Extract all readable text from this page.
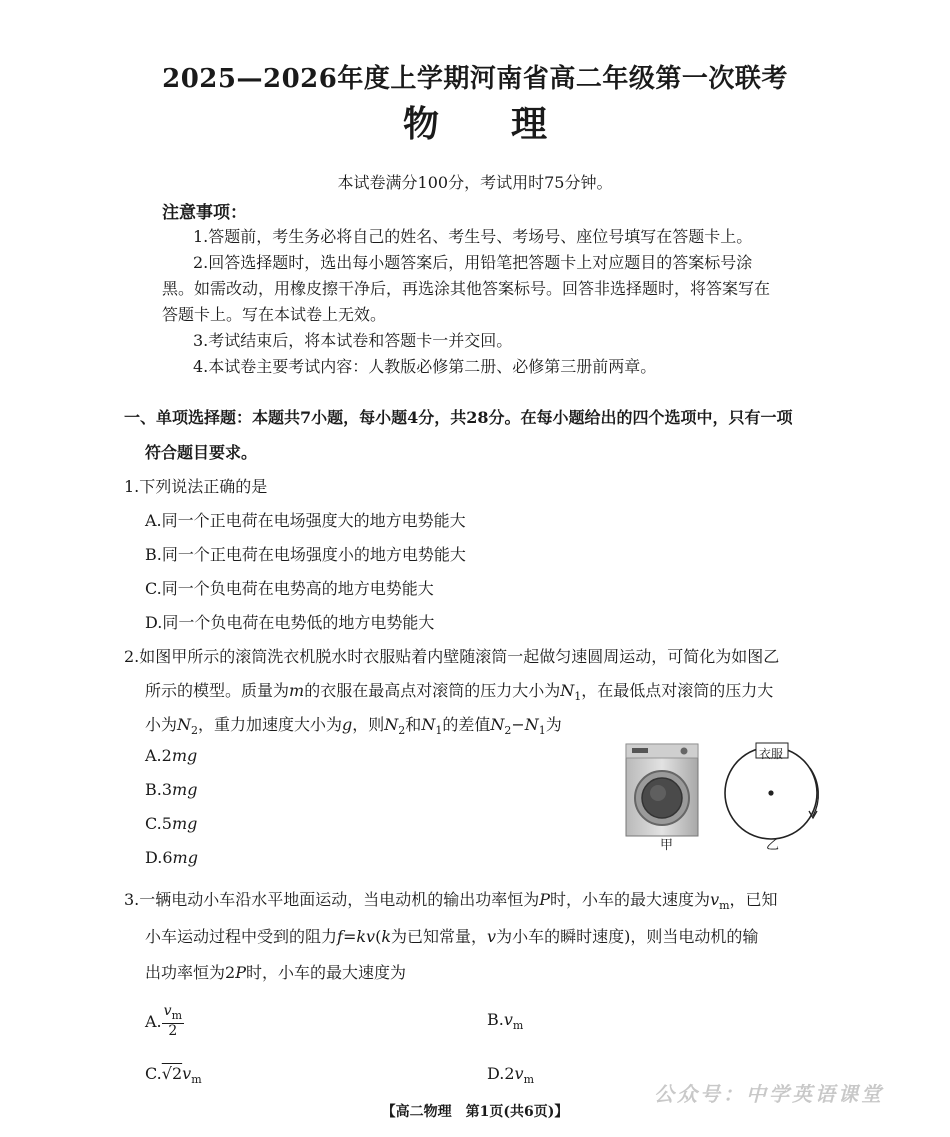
2025—2026年度上学期河南省高二年级第一次联考
物理
本试卷满分100分，考试用时75分钟。
注意事项：
1.答题前，考生务必将自己的姓名、考生号、考场号、座位号填写在答题卡上。
2.回答选择题时，选出每小题答案后，用铅笔把答题卡上对应题目的答案标号涂
黑。如需改动，用橡皮擦干净后，再选涂其他答案标号。回答非选择题时，将答案写在
答题卡上。写在本试卷上无效。
3.考试结束后，将本试卷和答题卡一并交回。
4.本试卷主要考试内容：人教版必修第二册、必修第三册前两章。
一、单项选择题：本题共7小题，每小题4分，共28分。在每小题给出的四个选项中，只有一项
符合题目要求。
1.下列说法正确的是
A.同一个正电荷在电场强度大的地方电势能大
B.同一个正电荷在电场强度小的地方电势能大
C.同一个负电荷在电势高的地方电势能大
D.同一个负电荷在电势低的地方电势能大
2.如图甲所示的滚筒洗衣机脱水时衣服贴着内壁随滚筒一起做匀速圆周运动，可简化为如图乙
所示的模型。质量为m的衣服在最高点对滚筒的压力大小为$N_1$，在最低点对滚筒的压力大
小为$N_2$，重力加速度大小为g，则$N_2$和$N_1$的差值$N_2-N_1$为
A.2mg
B.3mg
C.5mg
D.6mg
甲
衣服
乙
3.一辆电动小车沿水平地面运动，当电动机的输出功率恒为P时，小车的最大速度为$v_m$，已知
小车运动过程中受到的阻力f=kv(k为已知常量，v为小车的瞬时速度)，则当电动机的输
出功率恒为2P时，小车的最大速度为
A. $\frac{v_m}{2}$	$B.v_m$
$C.√2v_m$	$D.2v_m$
【高二物理　第1页(共6页)】
公众号：中学英语课堂
